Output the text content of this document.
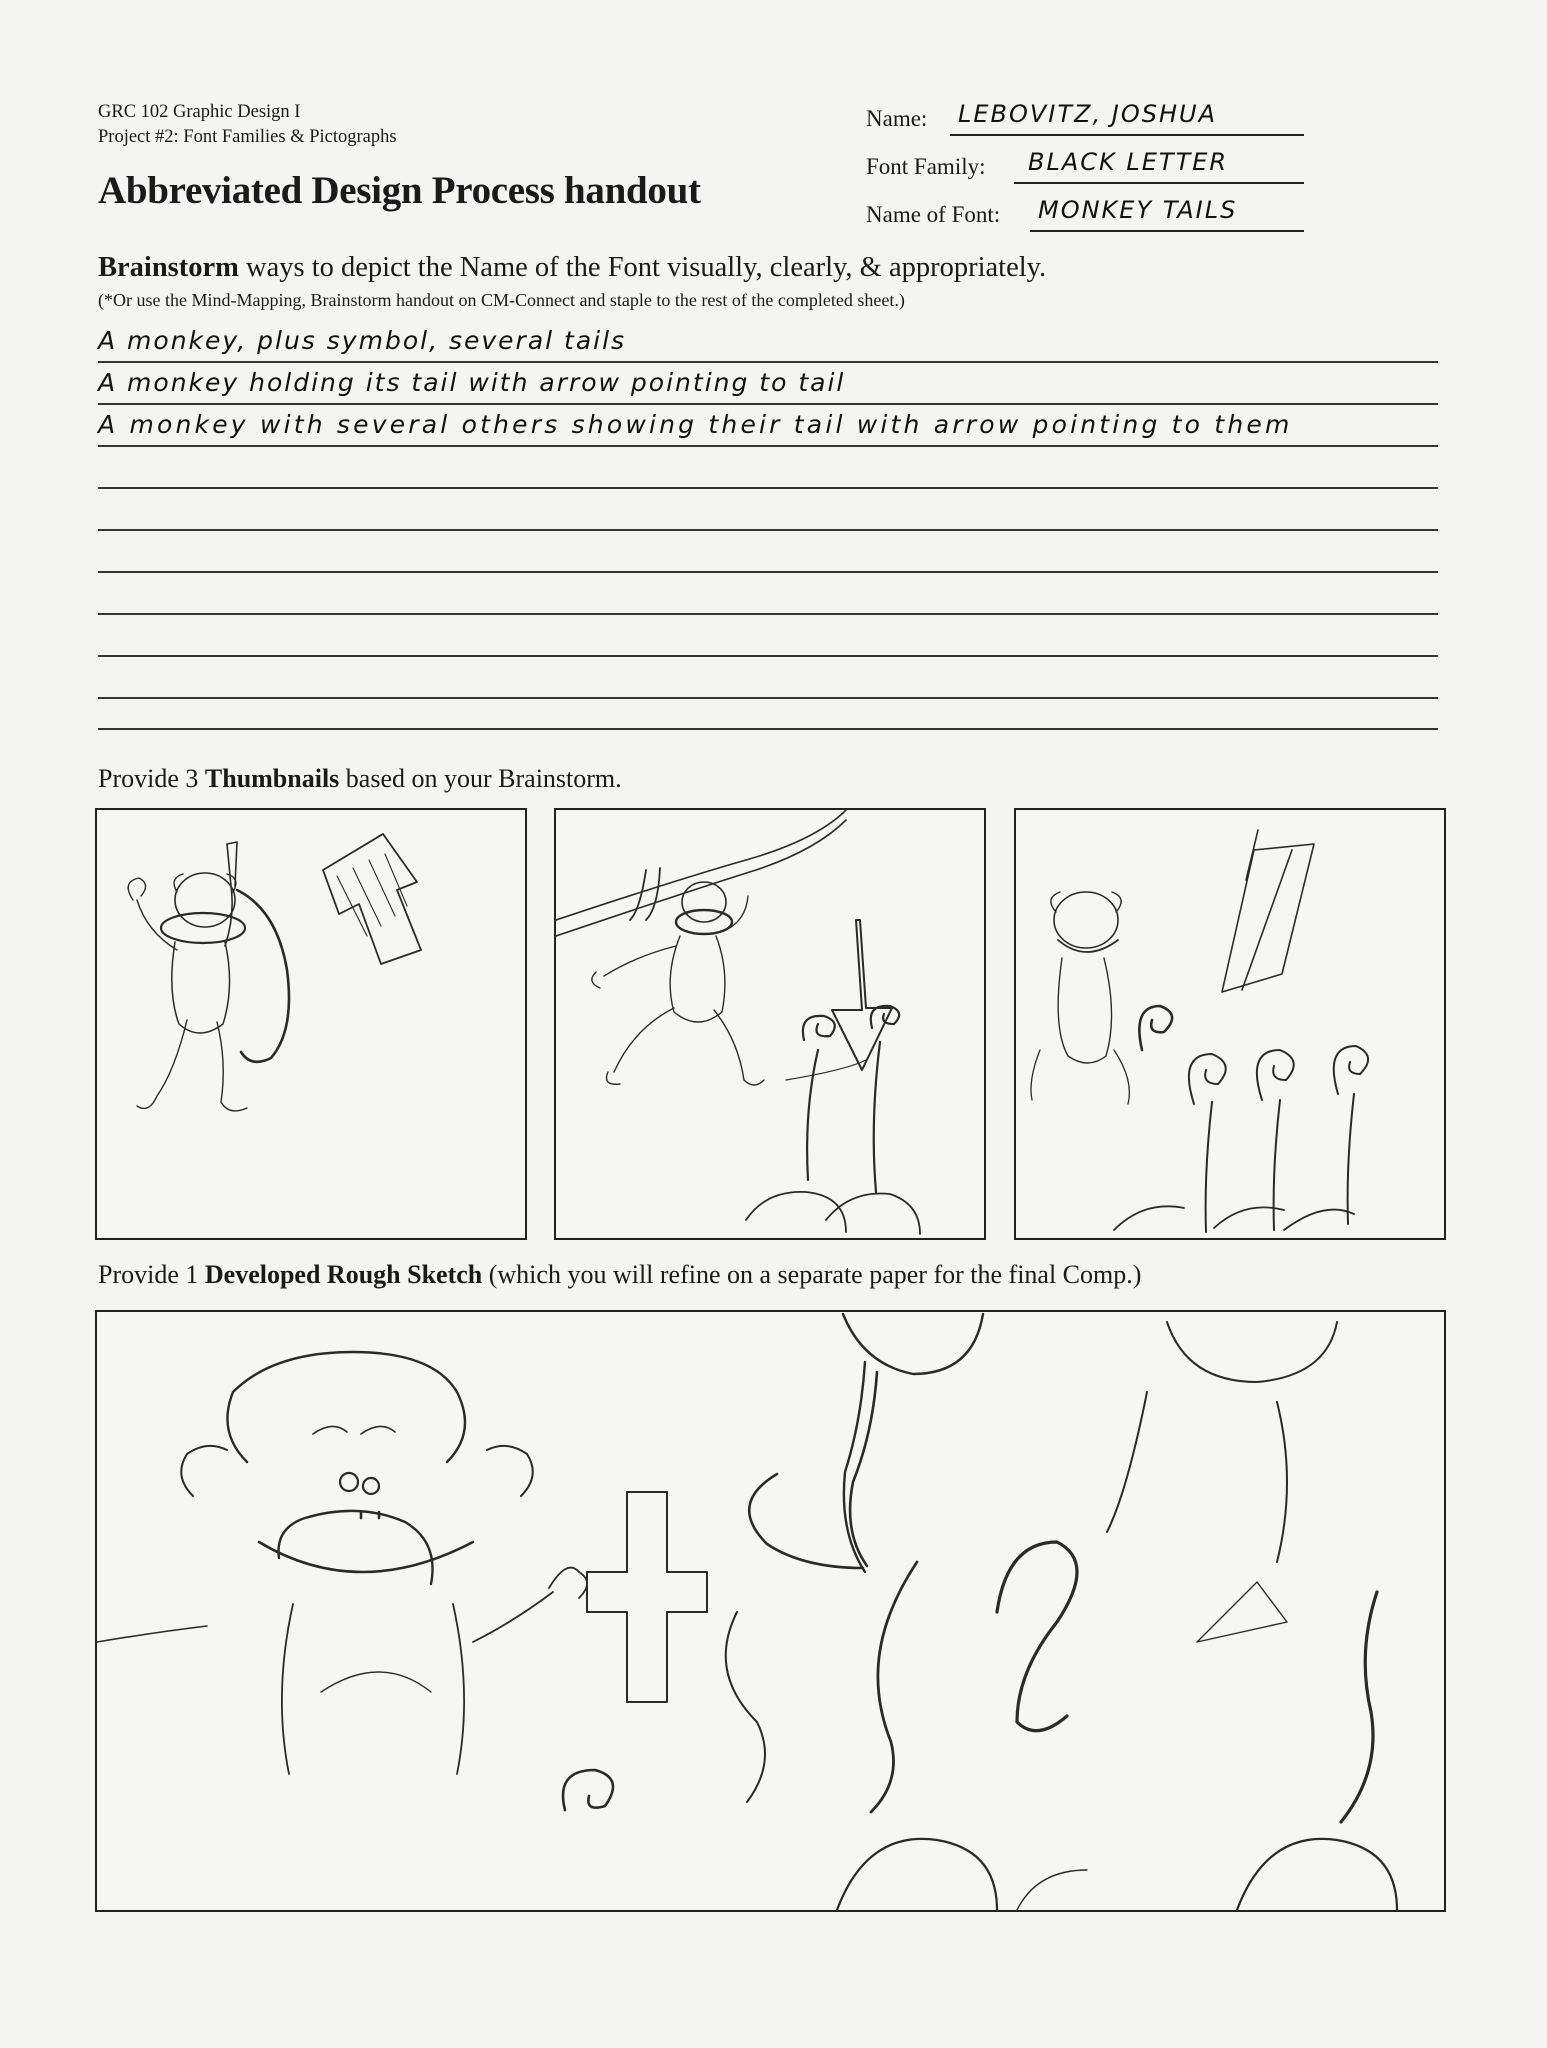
GRC 102 Graphic Design I
Project #2: Font Families & Pictographs
Abbreviated Design Process handout
Name: LEBOVITZ, JOSHUA
Font Family: BLACK LETTER
Name of Font: MONKEY TAILS
Brainstorm ways to depict the Name of the Font visually, clearly, & appropriately.
(*Or use the Mind-Mapping, Brainstorm handout on CM-Connect and staple to the rest of the completed sheet.)
A monkey, plus symbol, several tails
A monkey holding its tail with arrow pointing to tail
A monkey with several others showing their tail with arrow pointing to them
Provide 3 Thumbnails based on your Brainstorm.
Provide 1 Developed Rough Sketch (which you will refine on a separate paper for the final Comp.)
